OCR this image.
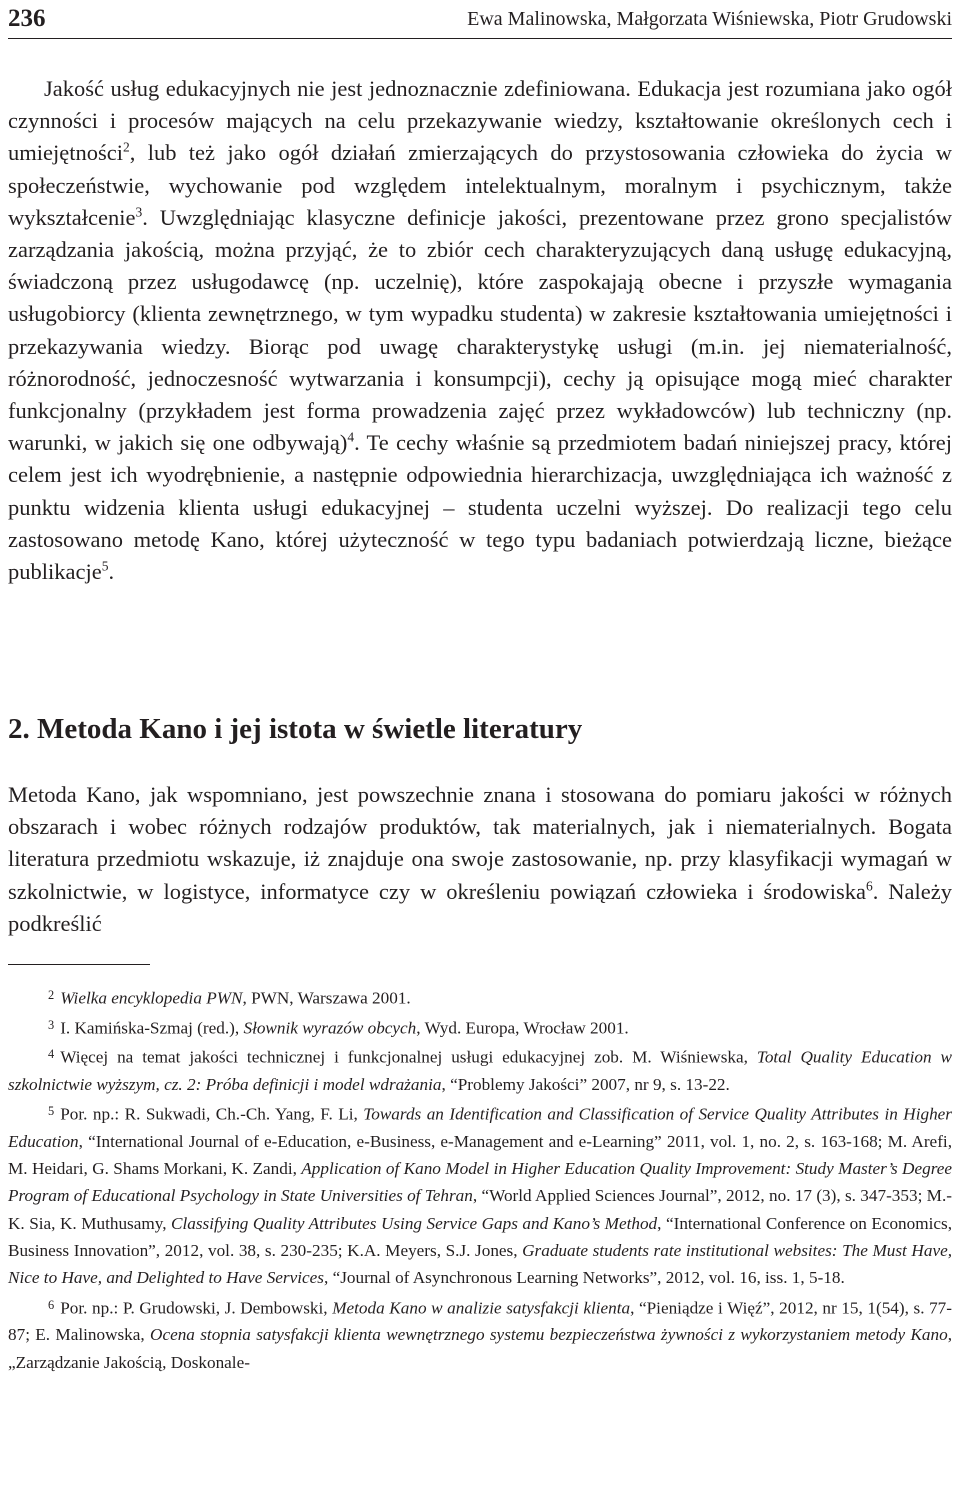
236	Ewa Malinowska, Małgorzata Wiśniewska, Piotr Grudowski

Jakość usług edukacyjnych nie jest jednoznacznie zdefiniowana. Edukacja jest rozumiana jako ogół czynności i procesów mających na celu przekazywanie wiedzy, kształtowanie określonych cech i umiejętności$^2$, lub też jako ogół działań zmierzających do przystosowania człowieka do życia w społeczeństwie, wychowanie pod względem intelektualnym, moralnym i psychicznym, także wykształcenie$^3$. Uwzględniając klasyczne definicje jakości, prezentowane przez grono specjalistów zarządzania jakością, można przyjąć, że to zbiór cech charakteryzujących daną usługę edukacyjną, świadczoną przez usługodawcę (np. uczelnię), które zaspokajają obecne i przyszłe wymagania usługobiorcy (klienta zewnętrznego, w tym wypadku studenta) w zakresie kształtowania umiejętności i przekazywania wiedzy. Biorąc pod uwagę charakterystykę usługi (m.in. jej niematerialność, różnorodność, jednoczesność wytwarzania i konsumpcji), cechy ją opisujące mogą mieć charakter funkcjonalny (przykładem jest forma prowadzenia zajęć przez wykładowców) lub techniczny (np. warunki, w jakich się one odbywają)$^4$. Te cechy właśnie są przedmiotem badań niniejszej pracy, której celem jest ich wyodrębnienie, a następnie odpowiednia hierarchizacja, uwzględniająca ich ważność z punktu widzenia klienta usługi edukacyjnej – studenta uczelni wyższej. Do realizacji tego celu zastosowano metodę Kano, której użyteczność w tego typu badaniach potwierdzają liczne, bieżące publikacje$^5$.

2. Metoda Kano i jej istota w świetle literatury

Metoda Kano, jak wspomniano, jest powszechnie znana i stosowana do pomiaru jakości w różnych obszarach i wobec różnych rodzajów produktów, tak materialnych, jak i niematerialnych. Bogata literatura przedmiotu wskazuje, iż znajduje ona swoje zastosowanie, np. przy klasyfikacji wymagań w szkolnictwie, w logistyce, informatyce czy w określeniu powiązań człowieka i środowiska$^6$. Należy podkreślić

$^2$ Wielka encyklopedia PWN, PWN, Warszawa 2001.

$^3$ I. Kamińska-Szmaj (red.), Słownik wyrazów obcych, Wyd. Europa, Wrocław 2001.

$^4$ Więcej na temat jakości technicznej i funkcjonalnej usługi edukacyjnej zob. M. Wiśniewska, Total Quality Education w szkolnictwie wyższym, cz. 2: Próba definicji i model wdrażania, “Problemy Jakości” 2007, nr 9, s. 13-22.

$^5$ Por. np.: R. Sukwadi, Ch.-Ch. Yang, F. Li, Towards an Identification and Classification of Service Quality Attributes in Higher Education, “International Journal of e-Education, e-Business, e-Management and e-Learning” 2011, vol. 1, no. 2, s. 163-168; M. Arefi, M. Heidari, G. Shams Morkani, K. Zandi, Application of Kano Model in Higher Education Quality Improvement: Study Master’s Degree Program of Educational Psychology in State Universities of Tehran, “World Applied Sciences Journal”, 2012, no. 17 (3), s. 347-353; M.-K. Sia, K. Muthusamy, Classifying Quality Attributes Using Service Gaps and Kano’s Method, “International Conference on Economics, Business Innovation”, 2012, vol. 38, s. 230-235; K.A. Meyers, S.J. Jones, Graduate students rate institutional websites: The Must Have, Nice to Have, and Delighted to Have Services, “Journal of Asynchronous Learning Networks”, 2012, vol. 16, iss. 1, 5-18.

$^6$ Por. np.: P. Grudowski, J. Dembowski, Metoda Kano w analizie satysfakcji klienta, “Pieniądze i Więź”, 2012, nr 15, 1(54), s. 77-87; E. Malinowska, Ocena stopnia satysfakcji klienta wewnętrznego systemu bezpieczeństwa żywności z wykorzystaniem metody Kano, „Zarządzanie Jakością, Doskonale-
